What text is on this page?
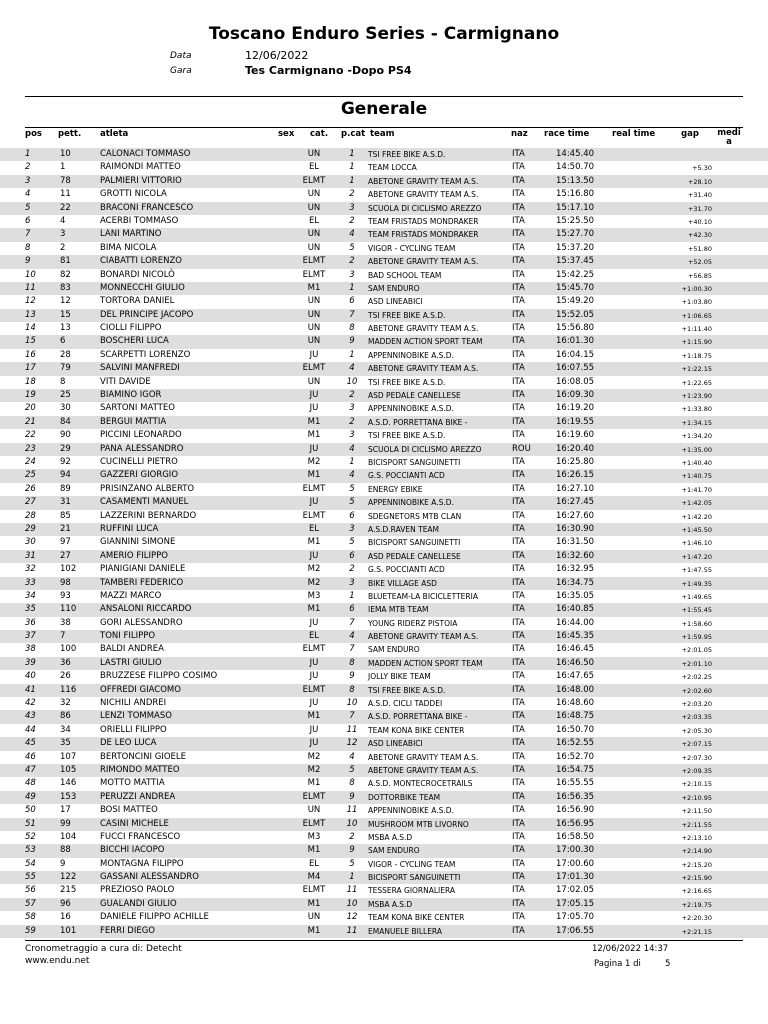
Toscano Enduro Series - Carmignano
Data	12/06/2022
Gara	Tes Carmignano -Dopo PS4
Generale
pos pett. atleta	sex cat. p.cat team	naz race time	real time	gap medi a
1	10	CALONACI TOMMASO	UN	1	TSI FREE BIKE A.S.D.	ITA	14:45.40
2	1	RAIMONDI MATTEO	EL	1	TEAM LOCCA	ITA	14:50.70	+5.30
3	78	PALMIERI VITTORIO	ELMT	1	ABETONE GRAVITY TEAM A.S.	ITA	15:13.50	+28.10
4	11	GROTTI NICOLA	UN	2	ABETONE GRAVITY TEAM A.S.	ITA	15:16.80	+31.40
5	22	BRACONI FRANCESCO	UN	3	SCUOLA DI CICLISMO AREZZO	ITA	15:17.10	+31.70
6	4	ACERBI TOMMASO	EL	2	TEAM FRISTADS MONDRAKER	ITA	15:25.50	+40.10
7	3	LANI MARTINO	UN	4	TEAM FRISTADS MONDRAKER	ITA	15:27.70	+42.30
8	2	BIMA NICOLA	UN	5	VIGOR - CYCLING TEAM	ITA	15:37.20	+51.80
9	81	CIABATTI LORENZO	ELMT	2	ABETONE GRAVITY TEAM A.S.	ITA	15:37.45	+52.05
10	82	BONARDI NICOLÒ	ELMT	3	BAD SCHOOL TEAM	ITA	15:42.25	+56.85
11	83	MONNECCHI GIULIO	M1	1	SAM ENDURO	ITA	15:45.70	+1:00.30
12	12	TORTORA DANIEL	UN	6	ASD LINEABICI	ITA	15:49.20	+1:03.80
13	15	DEL PRINCIPE JACOPO	UN	7	TSI FREE BIKE A.S.D.	ITA	15:52.05	+1:06.65
14	13	CIOLLI FILIPPO	UN	8	ABETONE GRAVITY TEAM A.S.	ITA	15:56.80	+1:11.40
15	6	BOSCHERI LUCA	UN	9	MADDEN ACTION SPORT TEAM	ITA	16:01.30	+1:15.90
16	28	SCARPETTI LORENZO	JU	1	APPENNINOBIKE A.S.D.	ITA	16:04.15	+1:18.75
17	79	SALVINI MANFREDI	ELMT	4	ABETONE GRAVITY TEAM A.S.	ITA	16:07.55	+1:22.15
18	8	VITI DAVIDE	UN	10	TSI FREE BIKE A.S.D.	ITA	16:08.05	+1:22.65
19	25	BIAMINO IGOR	JU	2	ASD PEDALE CANELLESE	ITA	16:09.30	+1:23.90
20	30	SARTONI MATTEO	JU	3	APPENNINOBIKE A.S.D.	ITA	16:19.20	+1:33.80
21	84	BERGUI MATTIA	M1	2	A.S.D. PORRETTANA BIKE -	ITA	16:19.55	+1:34.15
22	90	PICCINI LEONARDO	M1	3	TSI FREE BIKE A.S.D.	ITA	16:19.60	+1:34.20
23	29	PANA ALESSANDRO	JU	4	SCUOLA DI CICLISMO AREZZO	ROU	16:20.40	+1:35.00
24	92	CUCINELLI PIETRO	M2	1	BICISPORT SANGUINETTI	ITA	16:25.80	+1:40.40
25	94	GAZZERI GIORGIO	M1	4	G.S. POCCIANTI ACD	ITA	16:26.15	+1:40.75
26	89	PRISINZANO ALBERTO	ELMT	5	ENERGY EBIKE	ITA	16:27.10	+1:41.70
27	31	CASAMENTI MANUEL	JU	5	APPENNINOBIKE A.S.D.	ITA	16:27.45	+1:42.05
28	85	LAZZERINI BERNARDO	ELMT	6	SDEGNETORS MTB CLAN	ITA	16:27.60	+1:42.20
29	21	RUFFINI LUCA	EL	3	A.S.D.RAVEN TEAM	ITA	16:30.90	+1:45.50
30	97	GIANNINI SIMONE	M1	5	BICISPORT SANGUINETTI	ITA	16:31.50	+1:46.10
31	27	AMERIO FILIPPO	JU	6	ASD PEDALE CANELLESE	ITA	16:32.60	+1:47.20
32	102	PIANIGIANI DANIELE	M2	2	G.S. POCCIANTI ACD	ITA	16:32.95	+1:47.55
33	98	TAMBERI FEDERICO	M2	3	BIKE VILLAGE ASD	ITA	16:34.75	+1:49.35
34	93	MAZZI MARCO	M3	1	BLUETEAM-LA BICICLETTERIA	ITA	16:35.05	+1:49.65
35	110	ANSALONI RICCARDO	M1	6	IEMA MTB TEAM	ITA	16:40.85	+1:55.45
36	38	GORI ALESSANDRO	JU	7	YOUNG RIDERZ PISTOIA	ITA	16:44.00	+1:58.60
37	7	TONI FILIPPO	EL	4	ABETONE GRAVITY TEAM A.S.	ITA	16:45.35	+1:59.95
38	100	BALDI ANDREA	ELMT	7	SAM ENDURO	ITA	16:46.45	+2:01.05
39	36	LASTRI GIULIO	JU	8	MADDEN ACTION SPORT TEAM	ITA	16:46.50	+2:01.10
40	26	BRUZZESE FILIPPO COSIMO	JU	9	JOLLY BIKE TEAM	ITA	16:47.65	+2:02.25
41	116	OFFREDI GIACOMO	ELMT	8	TSI FREE BIKE A.S.D.	ITA	16:48.00	+2:02.60
42	32	NICHILI ANDREI	JU	10	A.S.D. CICLI TADDEI	ITA	16:48.60	+2:03.20
43	86	LENZI TOMMASO	M1	7	A.S.D. PORRETTANA BIKE -	ITA	16:48.75	+2:03.35
44	34	ORIELLI FILIPPO	JU	11	TEAM KONA BIKE CENTER	ITA	16:50.70	+2:05.30
45	35	DE LEO LUCA	JU	12	ASD LINEABICI	ITA	16:52.55	+2:07.15
46	107	BERTONCINI GIOELE	M2	4	ABETONE GRAVITY TEAM A.S.	ITA	16:52.70	+2:07.30
47	105	RIMONDO MATTEO	M2	5	ABETONE GRAVITY TEAM A.S.	ITA	16:54.75	+2:09.35
48	146	MOTTO MATTIA	M1	8	A.S.D. MONTECROCETRAILS	ITA	16:55.55	+2:10.15
49	153	PERUZZI ANDREA	ELMT	9	DOTTORBIKE TEAM	ITA	16:56.35	+2:10.95
50	17	BOSI MATTEO	UN	11	APPENNINOBIKE A.S.D.	ITA	16:56.90	+2:11.50
51	99	CASINI MICHELE	ELMT	10	MUSHROOM MTB LIVORNO	ITA	16:56.95	+2:11.55
52	104	FUCCI FRANCESCO	M3	2	MSBA A.S.D	ITA	16:58.50	+2:13.10
53	88	BICCHI IACOPO	M1	9	SAM ENDURO	ITA	17:00.30	+2:14.90
54	9	MONTAGNA FILIPPO	EL	5	VIGOR - CYCLING TEAM	ITA	17:00.60	+2:15.20
55	122	GASSANI ALESSANDRO	M4	1	BICISPORT SANGUINETTI	ITA	17:01.30	+2:15.90
56	215	PREZIOSO PAOLO	ELMT	11	TESSERA GIORNALIERA	ITA	17:02.05	+2:16.65
57	96	GUALANDI GIULIO	M1	10	MSBA A.S.D	ITA	17:05.15	+2:19.75
58	16	DANIELE FILIPPO ACHILLE	UN	12	TEAM KONA BIKE CENTER	ITA	17:05.70	+2:20.30
59	101	FERRI DIEGO	M1	11	EMANUELE BILLERA	ITA	17:06.55	+2:21.15
Cronometraggio a cura di: Detecht
www.endu.net
12/06/2022 14:37
Pagina 1 di	5
